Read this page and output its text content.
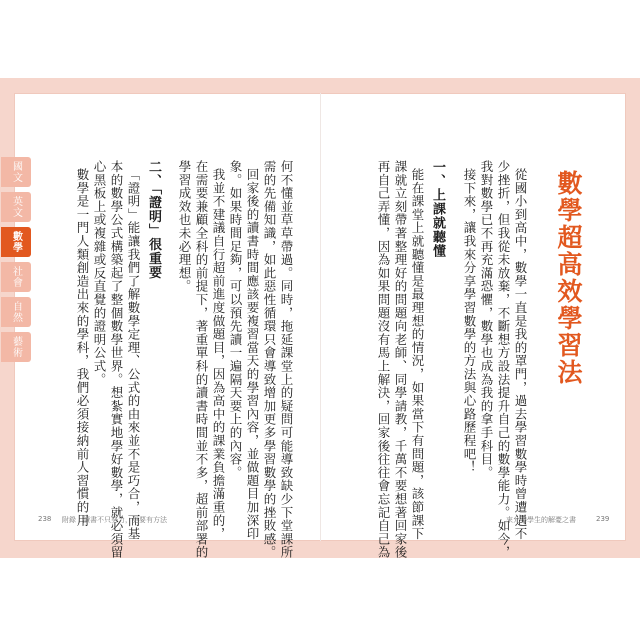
國文
英文
數學
社會
自然
藝術	數學超高效學習法
從國小到高中，數學一直是我的罩門，過去學習數學時曾遭遇不
少挫折，但我從未放棄，不斷想方設法提升自己的數學能力。如今，
我對數學已不再充滿恐懼，數學也成為我的拿手科目。
接下來，讓我來分享學習數學的方法與心路歷程吧！
一、上課就聽懂
能在課堂上就聽懂是最理想的情況，如果當下有問題，該節課下
課就立刻帶著整理好的問題向老師、同學請教，千萬不要想著回家後
再自己弄懂，因為如果問題沒有馬上解決，回家後往往會忘記自己為
何不懂並草草帶過。同時，拖延課堂上的疑問可能導致缺少下堂課所
需的先備知識，如此惡性循環只會導致增加更多學習數學的挫敗感。
回家後的讀書時間應該要複習當天的學習內容，並做題目加深印
象。如果時間足夠，可以預先讀一遍隔天要上的內容。
我並不建議自行超前進度做題目，因為高中的課業負擔滿重的，
在需要兼顧全科的前提下，著重單科的讀書時間並不多，超前部署的
學習成效也未必理想。
二、「證明」很重要
「證明」能讓我們了解數學定理、公式的由來並不是巧合，而基
本的數學公式構築起了整個數學世界。想紮實地學好數學，就必須留
心黑板上或複雜或反直覺的證明公式。
數學是一門人類創造出來的學科，我們必須接納前人習慣的用
238 附錄｜讀書不只努力，更要有方法	來允中學生的解憂之書	239
